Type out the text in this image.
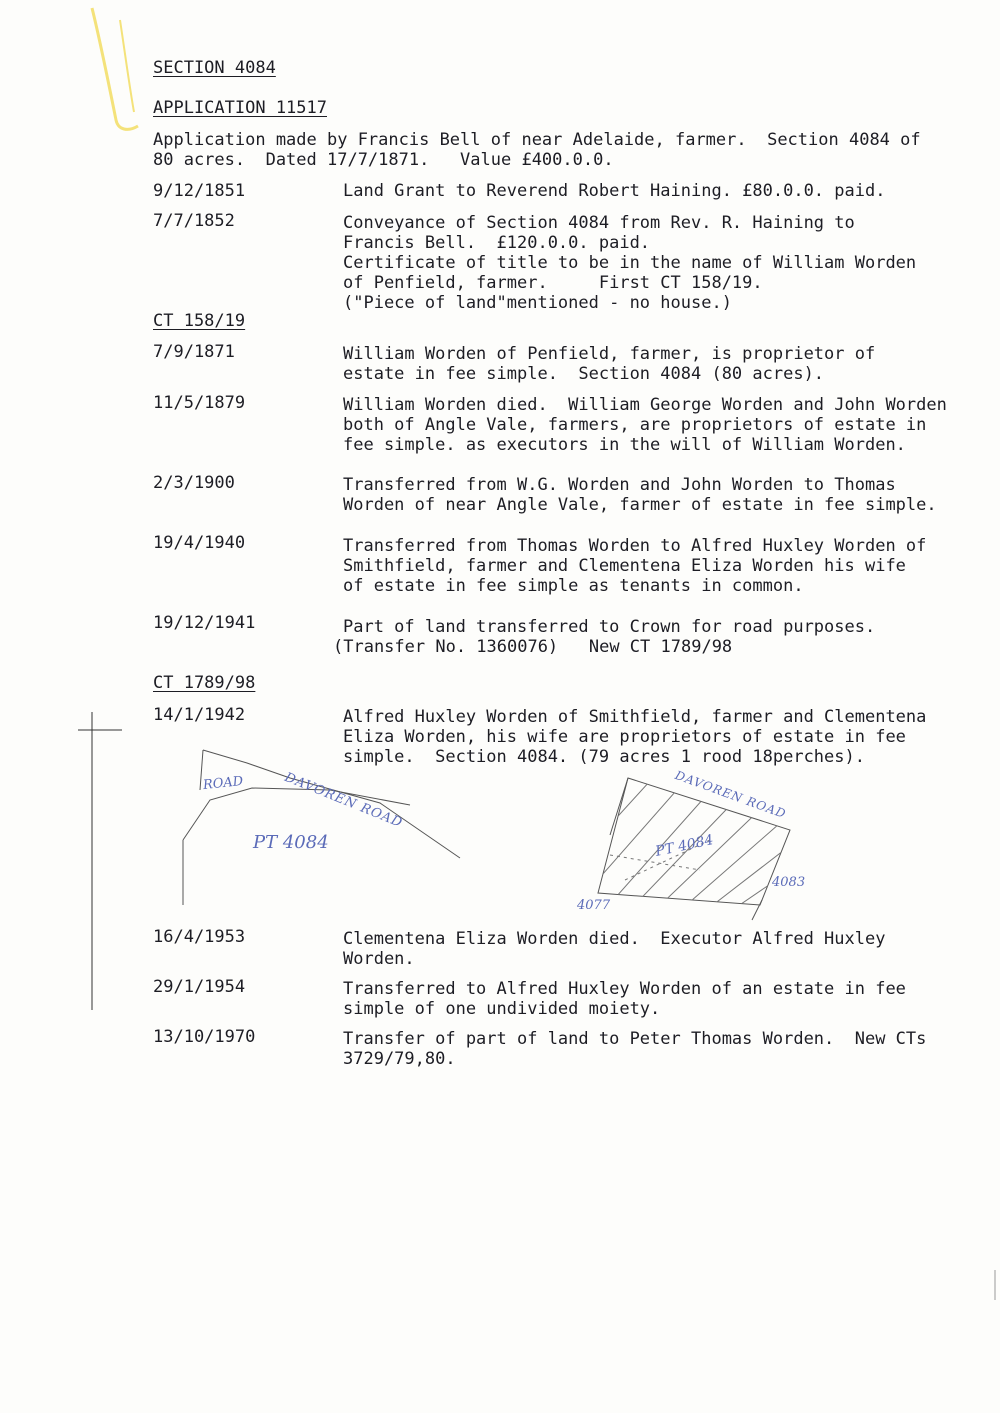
SECTION 4084

APPLICATION 11517

Application made by Francis Bell of near Adelaide, farmer.  Section 4084 of

80 acres.  Dated 17/7/1871.   Value £400.0.0.

9/12/1851	Land Grant to Reverend Robert Haining. £80.0.0. paid.

7/7/1852	Conveyance of Section 4084 from Rev. R. Haining to

Francis Bell.  £120.0.0. paid.

Certificate of title to be in the name of William Worden

of Penfield, farmer.     First CT 158/19.

("Piece of land"mentioned - no house.)

CT 158/19

7/9/1871	William Worden of Penfield, farmer, is proprietor of

estate in fee simple.  Section 4084 (80 acres).

11/5/1879	William Worden died.  William George Worden and John Worden

both of Angle Vale, farmers, are proprietors of estate in

fee simple. as executors in the will of William Worden.

2/3/1900	Transferred from W.G. Worden and John Worden to Thomas

Worden of near Angle Vale, farmer of estate in fee simple.

19/4/1940	Transferred from Thomas Worden to Alfred Huxley Worden of

Smithfield, farmer and Clementena Eliza Worden his wife

of estate in fee simple as tenants in common.

19/12/1941	Part of land transferred to Crown for road purposes.

(Transfer No. 1360076)   New CT 1789/98

CT 1789/98

14/1/1942	Alfred Huxley Worden of Smithfield, farmer and Clementena

Eliza Worden, his wife are proprietors of estate in fee

simple.  Section 4084. (79 acres 1 rood 18perches).

ROAD	DAVOREN ROAD
PT 4084
DAVOREN ROAD
PT 4084
4077
4083

16/4/1953	Clementena Eliza Worden died.  Executor Alfred Huxley

Worden.

29/1/1954	Transferred to Alfred Huxley Worden of an estate in fee

simple of one undivided moiety.

13/10/1970	Transfer of part of land to Peter Thomas Worden.  New CTs

3729/79,80.
